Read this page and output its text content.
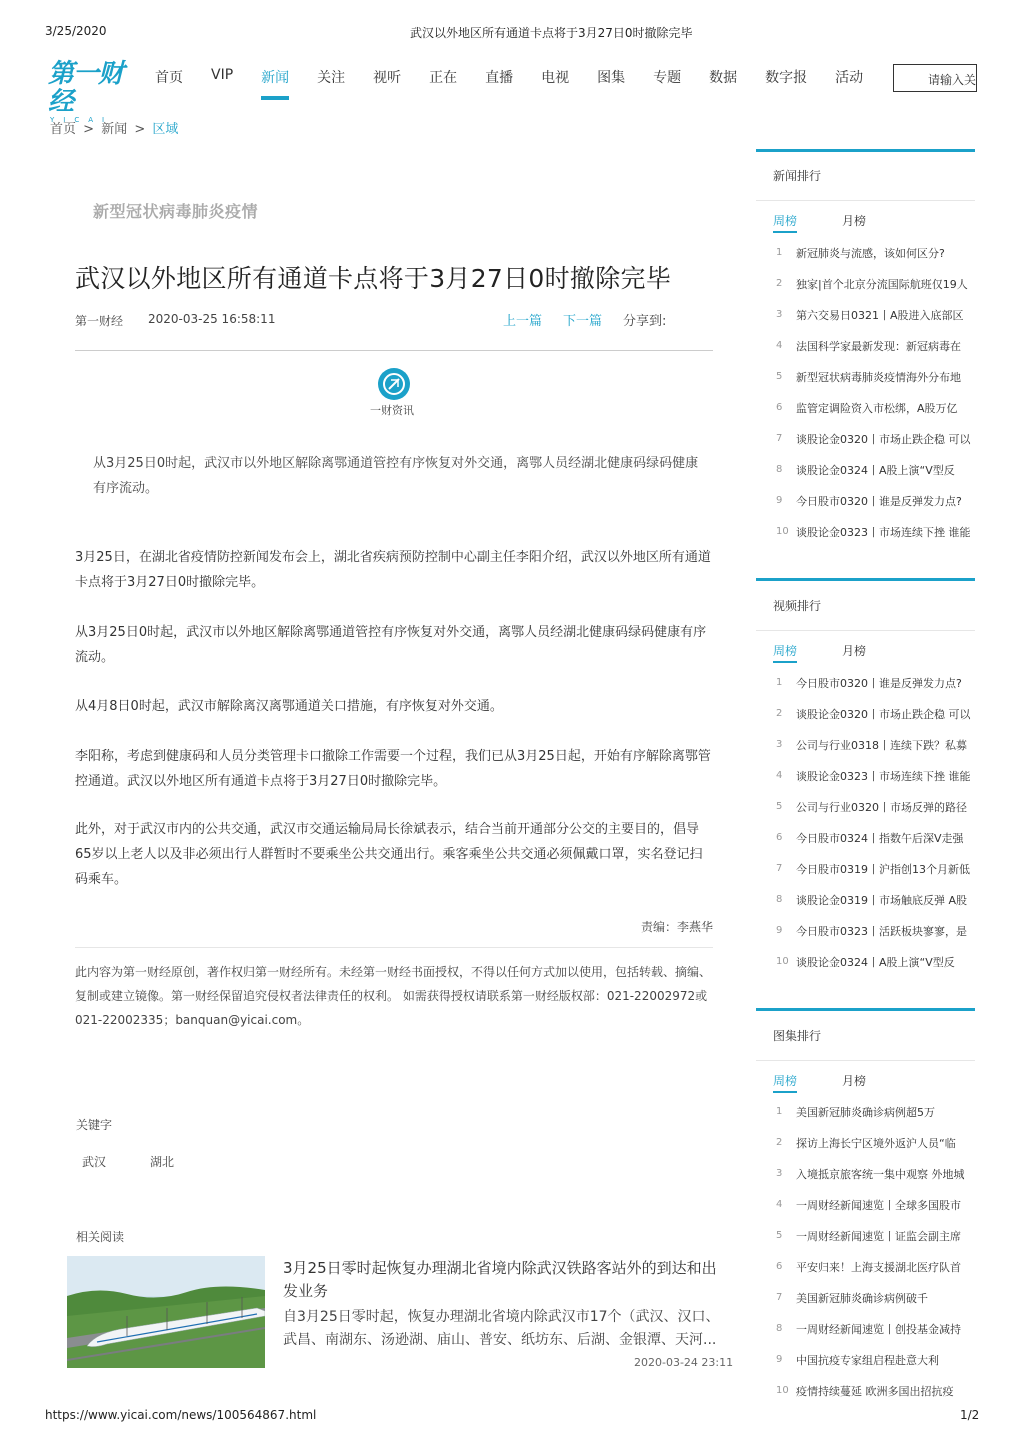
3/25/2020	武汉以外地区所有通道卡点将于3月27日0时撤除完毕
第一财经
YICAI
首页 VIP 新闻 关注 视听 正在 直播 电视 图集 专题 数据 数字报 活动	请输入关
首页 > 新闻 > 区域
新型冠状病毒肺炎疫情
武汉以外地区所有通道卡点将于3月27日0时撤除完毕
第一财经 2020-03-25 16:58:11	上一篇 下一篇 分享到:
一财资讯

从3月25日0时起，武汉市以外地区解除离鄂通道管控有序恢复对外交通，离鄂人员经湖北健康码绿码健康有序流动。

3月25日，在湖北省疫情防控新闻发布会上，湖北省疾病预防控制中心副主任李阳介绍，武汉以外地区所有通道卡点将于3月27日0时撤除完毕。

从3月25日0时起，武汉市以外地区解除离鄂通道管控有序恢复对外交通，离鄂人员经湖北健康码绿码健康有序流动。

从4月8日0时起，武汉市解除离汉离鄂通道关口措施，有序恢复对外交通。

李阳称，考虑到健康码和人员分类管理卡口撤除工作需要一个过程，我们已从3月25日起，开始有序解除离鄂管控通道。武汉以外地区所有通道卡点将于3月27日0时撤除完毕。

此外，对于武汉市内的公共交通，武汉市交通运输局局长徐斌表示，结合当前开通部分公交的主要目的，倡导65岁以上老人以及非必须出行人群暂时不要乘坐公共交通出行。乘客乘坐公共交通必须佩戴口罩，实名登记扫码乘车。

责编：李燕华

此内容为第一财经原创，著作权归第一财经所有。未经第一财经书面授权，不得以任何方式加以使用，包括转载、摘编、复制或建立镜像。第一财经保留追究侵权者法律责任的权利。 如需获得授权请联系第一财经版权部：021-22002972或021-22002335；banquan@yicai.com。

关键字
武汉	湖北
相关阅读
3月25日零时起恢复办理湖北省境内除武汉铁路客站外的到达和出发业务
自3月25日零时起，恢复办理湖北省境内除武汉市17个（武汉、汉口、武昌、南湖东、汤逊湖、庙山、普安、纸坊东、后湖、金银潭、天河...
2020-03-24 23:11
新闻排行
周榜	月榜
1	新冠肺炎与流感，该如何区分?
2	独家|首个北京分流国际航班仅19人
3	第六交易日0321丨A股进入底部区
4	法国科学家最新发现：新冠病毒在
5	新型冠状病毒肺炎疫情海外分布地
6	监管定调险资入市松绑，A股万亿
7	谈股论金0320丨市场止跌企稳 可以
8	谈股论金0324丨A股上演“V型反
9	今日股市0320丨谁是反弹发力点?
10 谈股论金0323丨市场连续下挫 谁能
视频排行
周榜	月榜
1	今日股市0320丨谁是反弹发力点?
2	谈股论金0320丨市场止跌企稳 可以
3	公司与行业0318丨连续下跌？私募
4	谈股论金0323丨市场连续下挫 谁能
5	公司与行业0320丨市场反弹的路径
6	今日股市0324丨指数午后深V走强
7	今日股市0319丨沪指创13个月新低
8	谈股论金0319丨市场触底反弹 A股
9	今日股市0323丨活跃板块寥寥，是
10 谈股论金0324丨A股上演“V型反
图集排行
周榜	月榜
1	美国新冠肺炎确诊病例超5万
2	探访上海长宁区境外返沪人员“临
3	入境抵京旅客统一集中观察 外地城
4	一周财经新闻速览丨全球多国股市
5	一周财经新闻速览丨证监会副主席
6	平安归来！上海支援湖北医疗队首
7	美国新冠肺炎确诊病例破千
8	一周财经新闻速览丨创投基金减持
9	中国抗疫专家组启程赴意大利
10 疫情持续蔓延 欧洲多国出招抗疫
https://www.yicai.com/news/100564867.html	1/2
